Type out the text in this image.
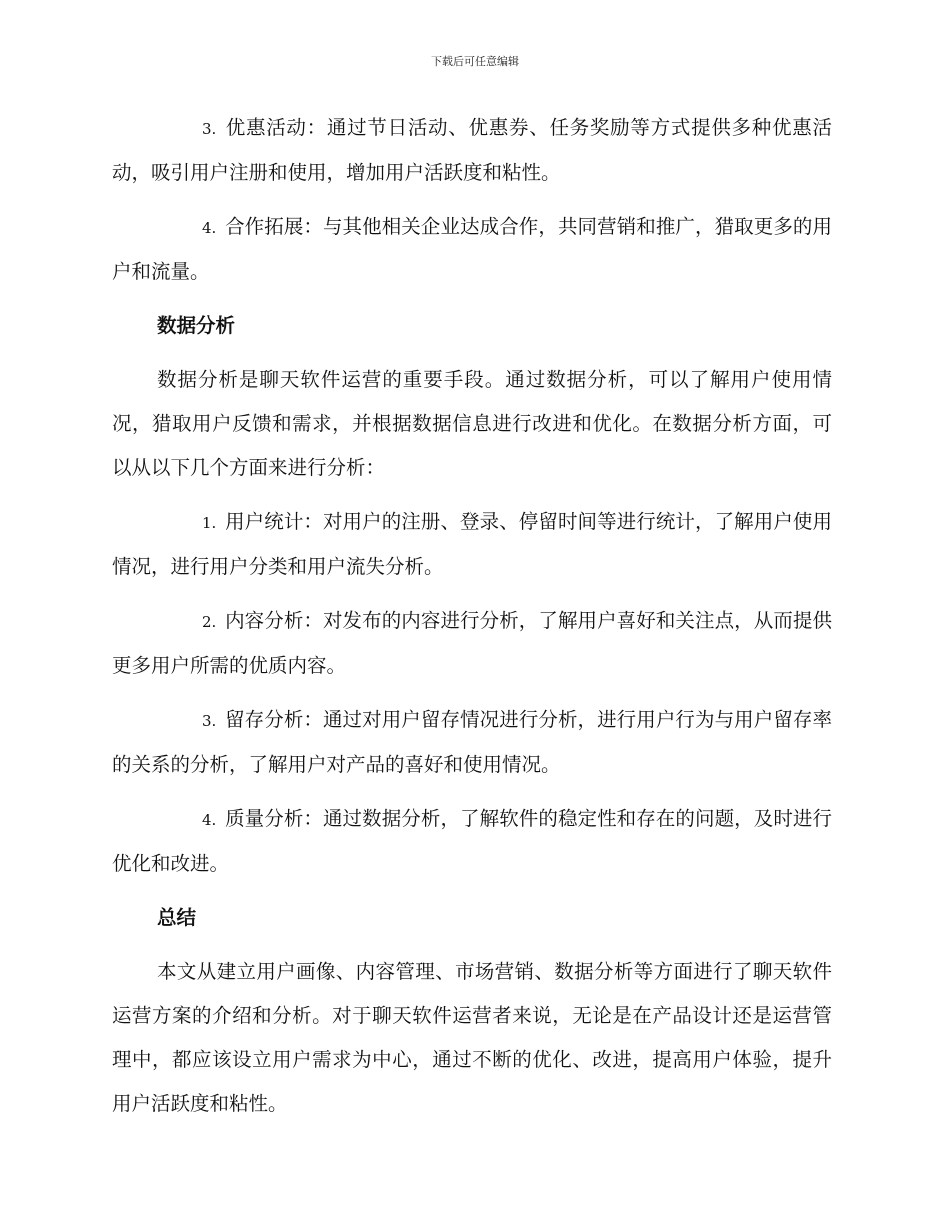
下载后可任意编辑

3. 优惠活动：通过节日活动、优惠券、任务奖励等方式提供多种优惠活动，吸引用户注册和使用，增加用户活跃度和粘性。

4. 合作拓展：与其他相关企业达成合作，共同营销和推广，猎取更多的用户和流量。

数据分析

数据分析是聊天软件运营的重要手段。通过数据分析，可以了解用户使用情况，猎取用户反馈和需求，并根据数据信息进行改进和优化。在数据分析方面，可以从以下几个方面来进行分析：

1. 用户统计：对用户的注册、登录、停留时间等进行统计，了解用户使用情况，进行用户分类和用户流失分析。

2. 内容分析：对发布的内容进行分析，了解用户喜好和关注点，从而提供更多用户所需的优质内容。

3. 留存分析：通过对用户留存情况进行分析，进行用户行为与用户留存率的关系的分析，了解用户对产品的喜好和使用情况。

4. 质量分析：通过数据分析，了解软件的稳定性和存在的问题，及时进行优化和改进。

总结

本文从建立用户画像、内容管理、市场营销、数据分析等方面进行了聊天软件运营方案的介绍和分析。对于聊天软件运营者来说，无论是在产品设计还是运营管理中，都应该设立用户需求为中心，通过不断的优化、改进，提高用户体验，提升用户活跃度和粘性。
